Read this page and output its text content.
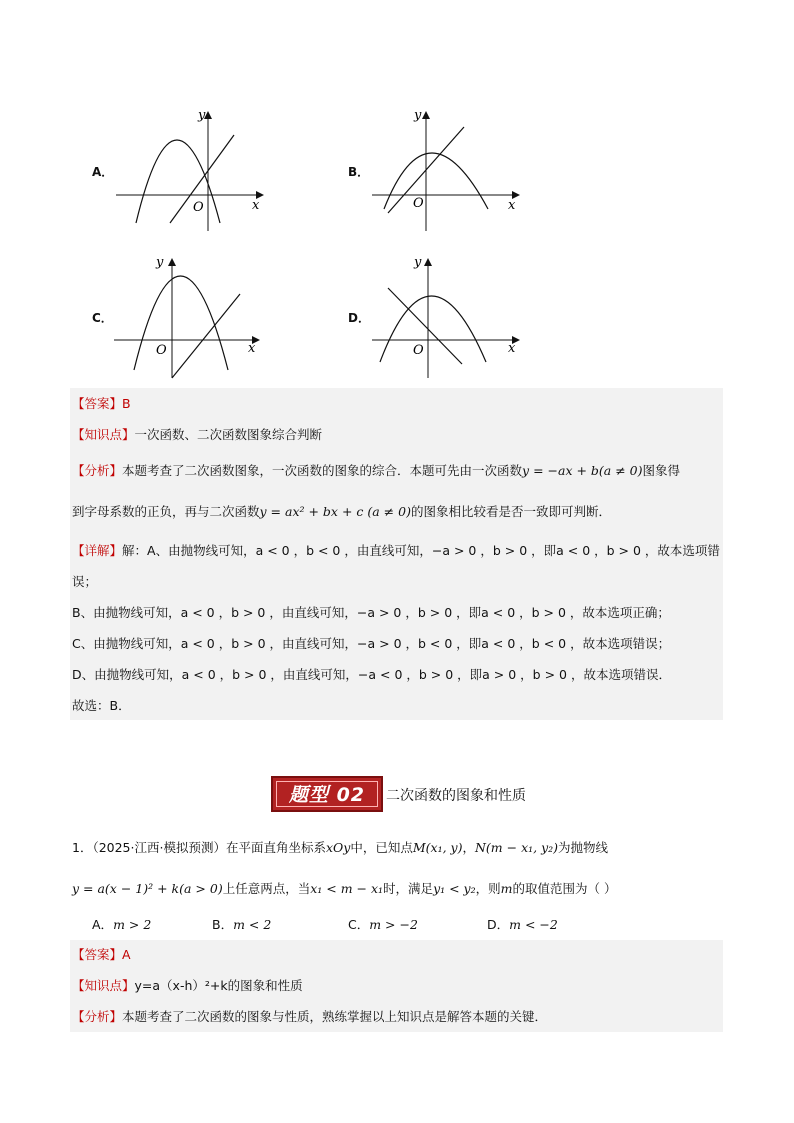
A．
y
x
O
B．
y
x
O
C．
y
x
O
D．
y
x
O
【答案】B
【知识点】一次函数、二次函数图象综合判断
【分析】本题考查了二次函数图象，一次函数的图象的综合．本题可先由一次函数y = −ax + b(a ≠ 0)图象得
到字母系数的正负，再与二次函数y = ax² + bx + c (a ≠ 0)的图象相比较看是否一致即可判断．
【详解】解：A、由抛物线可知，a < 0 ，b < 0 ，由直线可知，−a > 0 ，b > 0 ，即a < 0 ，b > 0 ，故本选项错
误；
B、由抛物线可知，a < 0 ，b > 0 ，由直线可知，−a > 0 ，b > 0 ，即a < 0 ，b > 0 ，故本选项正确；
C、由抛物线可知，a < 0 ，b > 0 ，由直线可知，−a > 0 ，b < 0 ，即a < 0 ，b < 0 ，故本选项错误；
D、由抛物线可知，a < 0 ，b > 0 ，由直线可知，−a < 0 ，b > 0 ，即a > 0 ，b > 0 ，故本选项错误．
故选：B．
题型 02	二次函数的图象和性质
1．（2025·江西·模拟预测）在平面直角坐标系xOy中，已知点M(x₁, y)，N(m − x₁, y₂)为抛物线
y = a(x − 1)² + k(a > 0)上任意两点，当x₁ < m − x₁时，满足y₁ < y₂，则m的取值范围为（ ）
A．m > 2	B．m < 2	C．m > −2	D．m < −2
【答案】A
【知识点】y=a（x-h）²+k的图象和性质
【分析】本题考查了二次函数的图象与性质，熟练掌握以上知识点是解答本题的关键．
